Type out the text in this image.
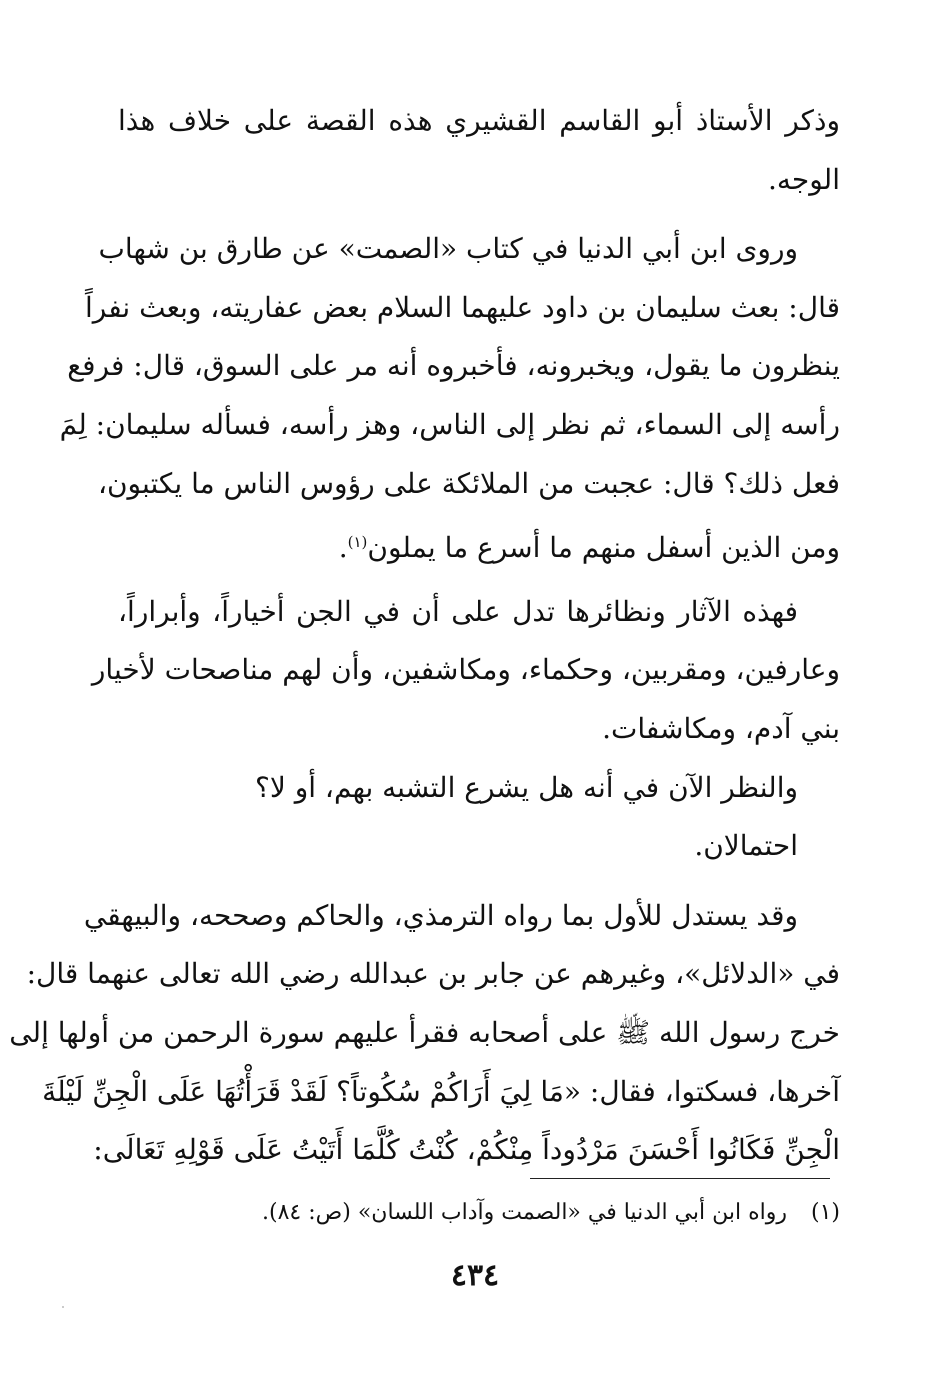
وذكر الأستاذ أبو القاسم القشيري هذه القصة على خلاف هذا
الوجه.
وروى ابن أبي الدنيا في كتاب «الصمت» عن طارق بن شهاب
قال: بعث سليمان بن داود عليهما السلام بعض عفاريته، وبعث نفراً
ينظرون ما يقول، ويخبرونه، فأخبروه أنه مر على السوق، قال: فرفع
رأسه إلى السماء، ثم نظر إلى الناس، وهز رأسه، فسأله سليمان: لِمَ
فعل ذلك؟ قال: عجبت من الملائكة على رؤوس الناس ما يكتبون،
ومن الذين أسفل منهم ما أسرع ما يملون$^{(١)}$.
فهذه الآثار ونظائرها تدل على أن في الجن أخياراً، وأبراراً،
وعارفين، ومقربين، وحكماء، ومكاشفين، وأن لهم مناصحات لأخيار
بني آدم، ومكاشفات.
والنظر الآن في أنه هل يشرع التشبه بهم، أو لا؟
احتمالان.
وقد يستدل للأول بما رواه الترمذي، والحاكم وصححه، والبيهقي
في «الدلائل»، وغيرهم عن جابر بن عبدالله رضي الله تعالى عنهما قال:
خرج رسول الله ﷺ على أصحابه فقرأ عليهم سورة الرحمن من أولها إلى
آخرها، فسكتوا، فقال: «مَا لِيَ أَرَاكُمْ سُكُوتاً؟ لَقَدْ قَرَأْتُهَا عَلَى الْجِنِّ لَيْلَةَ
الْجِنِّ فَكَانُوا أَحْسَنَ مَرْدُوداً مِنْكُمْ، كُنْتُ كُلَّمَا أَتَيْتُ عَلَى قَوْلِهِ تَعَالَى:
(١)رواه ابن أبي الدنيا في «الصمت وآداب اللسان» (ص: ٨٤).
٤٣٤
